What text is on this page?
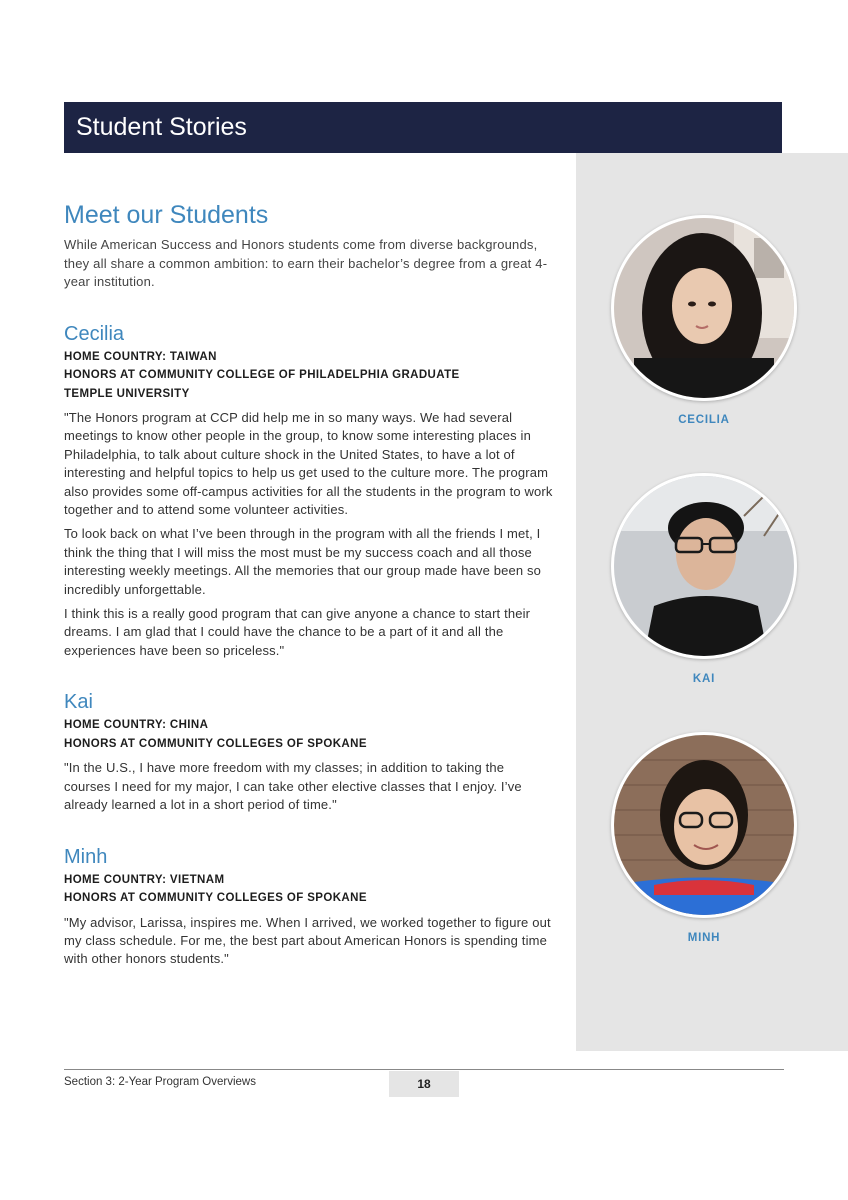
Student Stories
Meet our Students

While American Success and Honors students come from diverse backgrounds, they all share a common ambition: to earn their bachelor’s degree from a great 4-year institution.

Cecilia

HOME COUNTRY: TAIWAN
HONORS AT COMMUNITY COLLEGE OF PHILADELPHIA GRADUATE
TEMPLE UNIVERSITY

"The Honors program at CCP did help me in so many ways. We had several meetings to know other people in the group, to know some interesting places in Philadelphia, to talk about culture shock in the United States, to have a lot of interesting and helpful topics to help us get used to the culture more. The program also provides some off-campus activities for all the students in the program to work together and to attend some volunteer activities.

To look back on what I’ve been through in the program with all the friends I met, I think the thing that I will miss the most must be my success coach and all those interesting weekly meetings. All the memories that our group made have been so incredibly unforgettable.

I think this is a really good program that can give anyone a chance to start their dreams. I am glad that I could have the chance to be a part of it and all the experiences have been so priceless."

Kai

HOME COUNTRY: CHINA
HONORS AT COMMUNITY COLLEGES OF SPOKANE

"In the U.S., I have more freedom with my classes; in addition to taking the courses I need for my major, I can take other elective classes that I enjoy. I’ve already learned a lot in a short period of time."

Minh

HOME COUNTRY: VIETNAM
HONORS AT COMMUNITY COLLEGES OF SPOKANE

"My advisor, Larissa, inspires me. When I arrived, we worked together to figure out my class schedule. For me, the best part about American Honors is spending time with other honors students."

CECILIA
KAI
MINH
Section 3: 2-Year Program Overviews	18
